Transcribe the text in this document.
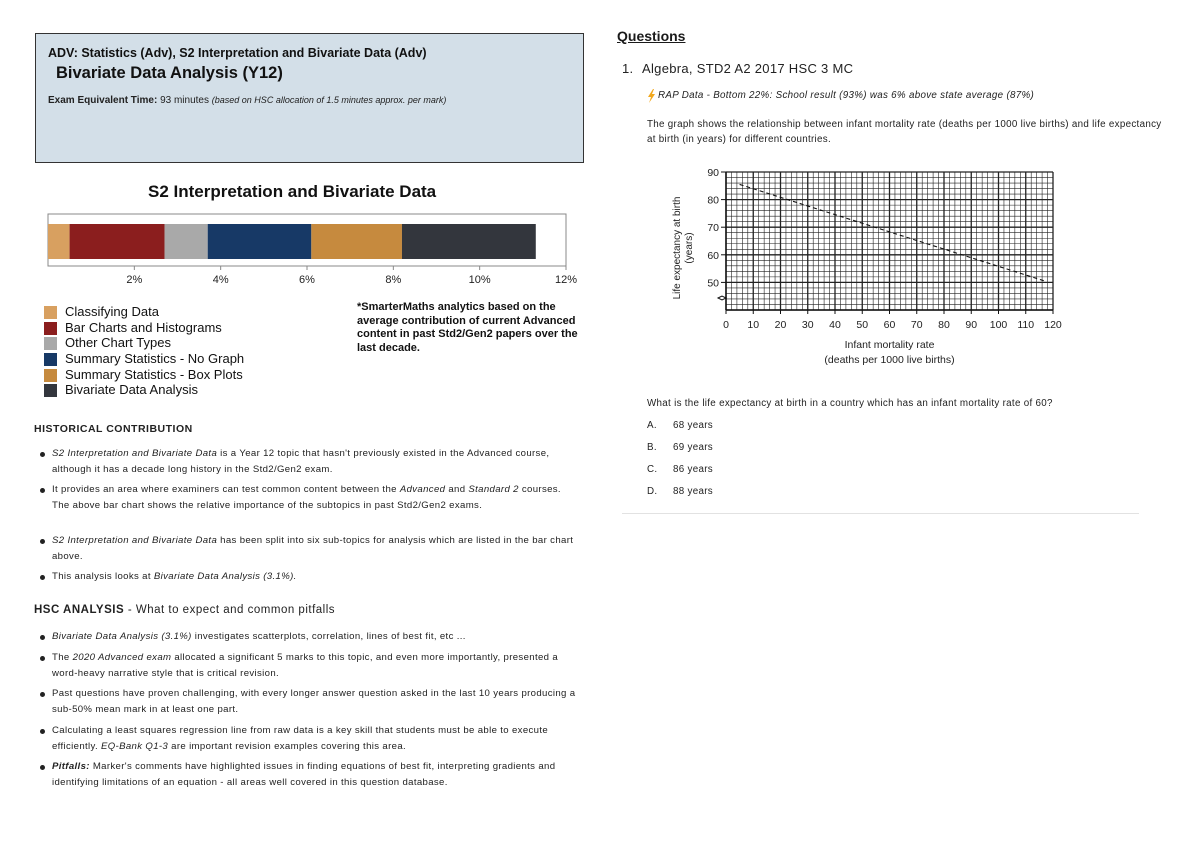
ADV: Statistics (Adv), S2 Interpretation and Bivariate Data (Adv)
Bivariate Data Analysis (Y12)
Exam Equivalent Time: 93 minutes (based on HSC allocation of 1.5 minutes approx. per mark)
S2 Interpretation and Bivariate Data
2%	4%	6%	8%	10%	12%
Classifying Data
Bar Charts and Histograms
Other Chart Types
Summary Statistics - No Graph
Summary Statistics - Box Plots
Bivariate Data Analysis
*SmarterMaths analytics based on the average contribution of current Advanced content in past Std2/Gen2 papers over the last decade.
HISTORICAL CONTRIBUTION
S2 Interpretation and Bivariate Data is a Year 12 topic that hasn't previously existed in the Advanced course, although it has a decade long history in the Std2/Gen2 exam.
It provides an area where examiners can test common content between the Advanced and Standard 2 courses. The above bar chart shows the relative importance of the subtopics in past Std2/Gen2 exams.
S2 Interpretation and Bivariate Data has been split into six sub-topics for analysis which are listed in the bar chart above.
This analysis looks at Bivariate Data Analysis (3.1%).
HSC ANALYSIS - What to expect and common pitfalls
Bivariate Data Analysis (3.1%) investigates scatterplots, correlation, lines of best fit, etc ...
The 2020 Advanced exam allocated a significant 5 marks to this topic, and even more importantly, presented a word-heavy narrative style that is critical revision.
Past questions have proven challenging, with every longer answer question asked in the last 10 years producing a sub-50% mean mark in at least one part.
Calculating a least squares regression line from raw data is a key skill that students must be able to execute efficiently. EQ-Bank Q1-3 are important revision examples covering this area.
Pitfalls: Marker's comments have highlighted issues in finding equations of best fit, interpreting gradients and identifying limitations of an equation - all areas well covered in this question database.
Questions
1. Algebra, STD2 A2 2017 HSC 3 MC
RAP Data - Bottom 22%: School result (93%) was 6% above state average (87%)
The graph shows the relationship between infant mortality rate (deaths per 1000 live births) and life expectancy at birth (in years) for different countries.
0 10 20 30 40 50 60 70 80 90 100 110 120
50
60
70
80
90
Infant mortality rate
(deaths per 1000 live births)
Life expectancy at birth (years)
What is the life expectancy at birth in a country which has an infant mortality rate of 60?
A. 68 years
B. 69 years
C. 86 years
D. 88 years
